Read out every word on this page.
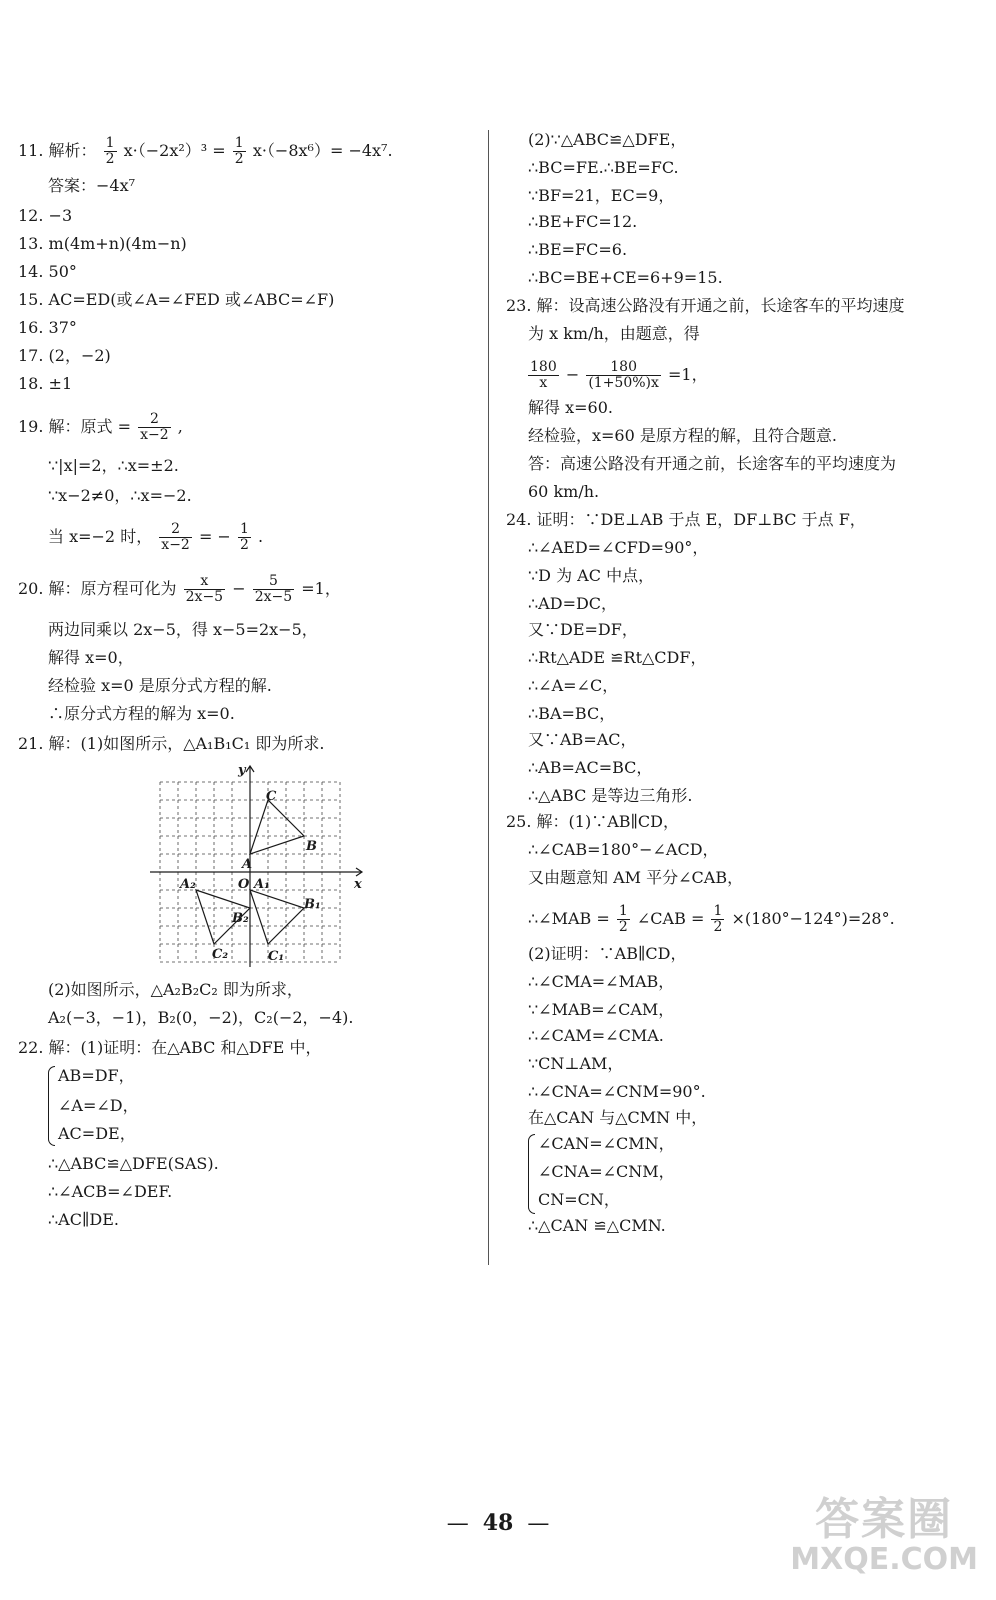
11. 解析： $\frac{1}{2} x\cdot(-2x^2)^3 = \frac{1}{2} x\cdot(-8x^6)= -4x^7$.
答案：−4x⁷
12. −3
13. m(4m+n)(4m−n)
14. 50°
15. AC=ED(或∠A=∠FED 或∠ABC=∠F)
16. 37°
17. (2，−2)
18. ±1
19. 解：原式 = $\frac{2}{x-2}$ ,
∵|x|=2，∴x=±2.
∵x−2≠0，∴x=−2.
当 x=−2 时， $\frac{2}{x-2}$ = − $\frac{1}{2}$ .
20. 解：原方程可化为 $\frac{x}{2x-5} - \frac{5}{2x-5} =1$，
两边同乘以 2x−5，得 x−5=2x−5，
解得 x=0，
经检验 x=0 是原分式方程的解.
∴原分式方程的解为 x=0.
21. 解：(1)如图所示，△A₁B₁C₁ 即为所求.
y
x
O
A
C
B
A₁
B₁
C₁
A₂
B₂
C₂
(2)如图所示，△A₂B₂C₂ 即为所求，
A₂(−3，−1)，B₂(0，−2)，C₂(−2，−4).
22. 解：(1)证明：在△ABC 和△DFE 中，
AB=DF，
∠A=∠D，
AC=DE，
∴△ABC≌△DFE(SAS).
∴∠ACB=∠DEF.
∴AC∥DE.
(2)∵△ABC≌△DFE，
∴BC=FE.∴BE=FC.
∵BF=21，EC=9，
∴BE+FC=12.
∴BE=FC=6.
∴BC=BE+CE=6+9=15.
23. 解：设高速公路没有开通之前，长途客车的平均速度
为 x km/h，由题意，得
$\frac{180}{x} - \frac{180}{(1+50\%)x} =1$，
解得 x=60.
经检验，x=60 是原方程的解，且符合题意.
答：高速公路没有开通之前，长途客车的平均速度为
60 km/h.
24. 证明：∵DE⊥AB 于点 E，DF⊥BC 于点 F，
∴∠AED=∠CFD=90°，
∵D 为 AC 中点，
∴AD=DC，
又∵DE=DF，
∴Rt△ADE ≌Rt△CDF，
∴∠A=∠C，
∴BA=BC，
又∵AB=AC，
∴AB=AC=BC，
∴△ABC 是等边三角形.
25. 解：(1)∵AB∥CD，
∴∠CAB=180°−∠ACD，
又由题意知 AM 平分∠CAB，
∴∠MAB = $\frac{1}{2}$ ∠CAB = $\frac{1}{2} \times(180^\circ-124^\circ)=28^\circ$.
(2)证明：∵AB∥CD，
∴∠CMA=∠MAB，
∵∠MAB=∠CAM，
∴∠CAM=∠CMA.
∵CN⊥AM，
∴∠CNA=∠CNM=90°.
在△CAN 与△CMN 中，
∠CAN=∠CMN，
∠CNA=∠CNM，
CN=CN，
∴△CAN ≌△CMN.
— 48 —	答案圈
MXQE.COM
